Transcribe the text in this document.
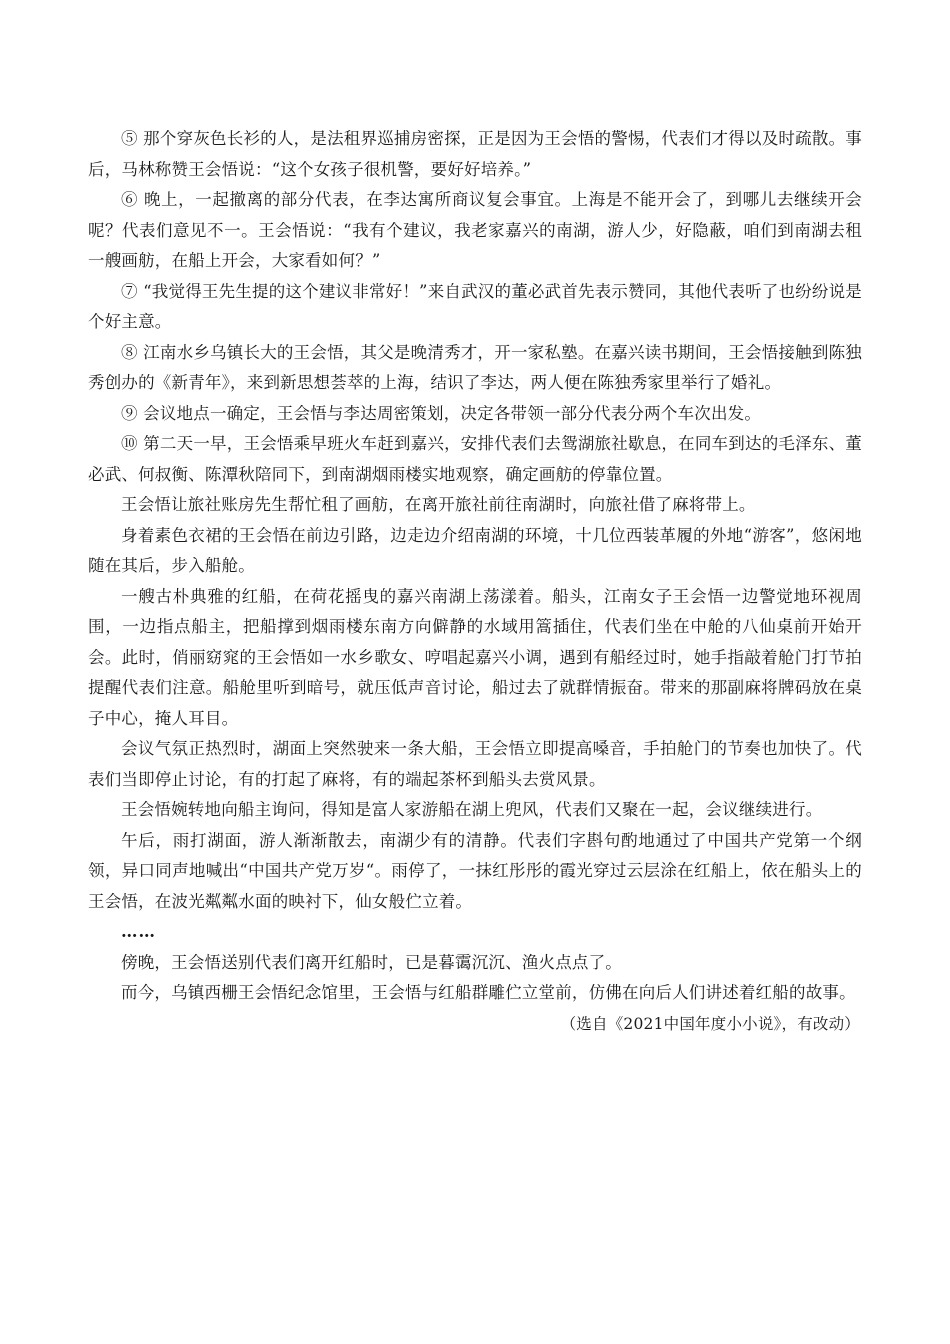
⑤ 那个穿灰色长衫的人，是法租界巡捕房密探，正是因为王会悟的警惕，代表们才得以及时疏散。事后，马林称赞王会悟说：“这个女孩子很机警，要好好培养。”

⑥ 晚上，一起撤离的部分代表，在李达寓所商议复会事宜。上海是不能开会了，到哪儿去继续开会呢？代表们意见不一。王会悟说：“我有个建议，我老家嘉兴的南湖，游人少，好隐蔽，咱们到南湖去租一艘画舫，在船上开会，大家看如何？”

⑦ “我觉得王先生提的这个建议非常好！”来自武汉的董必武首先表示赞同，其他代表听了也纷纷说是个好主意。

⑧ 江南水乡乌镇长大的王会悟，其父是晚清秀才，开一家私塾。在嘉兴读书期间，王会悟接触到陈独秀创办的《新青年》，来到新思想荟萃的上海，结识了李达，两人便在陈独秀家里举行了婚礼。

⑨ 会议地点一确定，王会悟与李达周密策划，决定各带领一部分代表分两个车次出发。

⑩ 第二天一早，王会悟乘早班火车赶到嘉兴，安排代表们去鸳湖旅社歇息，在同车到达的毛泽东、董必武、何叔衡、陈潭秋陪同下，到南湖烟雨楼实地观察，确定画舫的停靠位置。

王会悟让旅社账房先生帮忙租了画舫，在离开旅社前往南湖时，向旅社借了麻将带上。

身着素色衣裙的王会悟在前边引路，边走边介绍南湖的环境，十几位西装革履的外地“游客”，悠闲地随在其后，步入船舱。

一艘古朴典雅的红船，在荷花摇曳的嘉兴南湖上荡漾着。船头，江南女子王会悟一边警觉地环视周围，一边指点船主，把船撑到烟雨楼东南方向僻静的水域用篙插住，代表们坐在中舱的八仙桌前开始开会。此时，俏丽窈窕的王会悟如一水乡歌女、哼唱起嘉兴小调，遇到有船经过时，她手指敲着舱门打节拍提醒代表们注意。船舱里听到暗号，就压低声音讨论，船过去了就群情振奋。带来的那副麻将牌码放在桌子中心，掩人耳目。

会议气氛正热烈时，湖面上突然驶来一条大船，王会悟立即提高嗓音，手拍舱门的节奏也加快了。代表们当即停止讨论，有的打起了麻将，有的端起茶杯到船头去赏风景。

王会悟婉转地向船主询问，得知是富人家游船在湖上兜风，代表们又聚在一起，会议继续进行。

午后，雨打湖面，游人渐渐散去，南湖少有的清静。代表们字斟句酌地通过了中国共产党第一个纲领，异口同声地喊出“中国共产党万岁“。雨停了，一抹红彤彤的霞光穿过云层涂在红船上，依在船头上的王会悟，在波光粼粼水面的映衬下，仙女般伫立着。

……

傍晚，王会悟送别代表们离开红船时，已是暮霭沉沉、渔火点点了。

而今，乌镇西栅王会悟纪念馆里，王会悟与红船群雕伫立堂前，仿佛在向后人们讲述着红船的故事。

（选自《2021中国年度小小说》，有改动）
